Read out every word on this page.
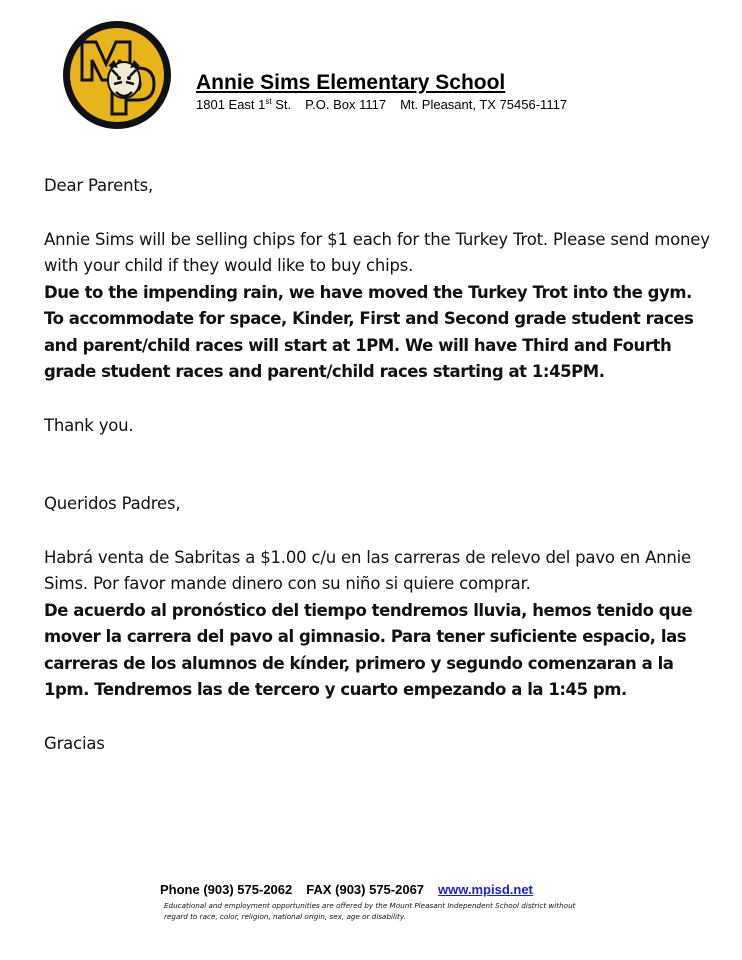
Annie Sims Elementary School
1801 East 1st St. P.O. Box 1117 Mt. Pleasant, TX 75456-1117

Dear Parents,

Annie Sims will be selling chips for $1 each for the Turkey Trot. Please send money with your child if they would like to buy chips.

Due to the impending rain, we have moved the Turkey Trot into the gym. To accommodate for space, Kinder, First and Second grade student races and parent/child races will start at 1PM. We will have Third and Fourth grade student races and parent/child races starting at 1:45PM.

Thank you.

Queridos Padres,

Habrá venta de Sabritas a $1.00 c/u en las carreras de relevo del pavo en Annie Sims. Por favor mande dinero con su niño si quiere comprar.

De acuerdo al pronóstico del tiempo tendremos lluvia, hemos tenido que mover la carrera del pavo al gimnasio. Para tener suficiente espacio, las carreras de los alumnos de kínder, primero y segundo comenzaran a la 1pm. Tendremos las de tercero y cuarto empezando a la 1:45 pm.

Gracias

Phone (903) 575-2062 FAX (903) 575-2067 www.mpisd.net
Educational and employment opportunities are offered by the Mount Pleasant Independent School district without regard to race, color, religion, national origin, sex, age or disability.
